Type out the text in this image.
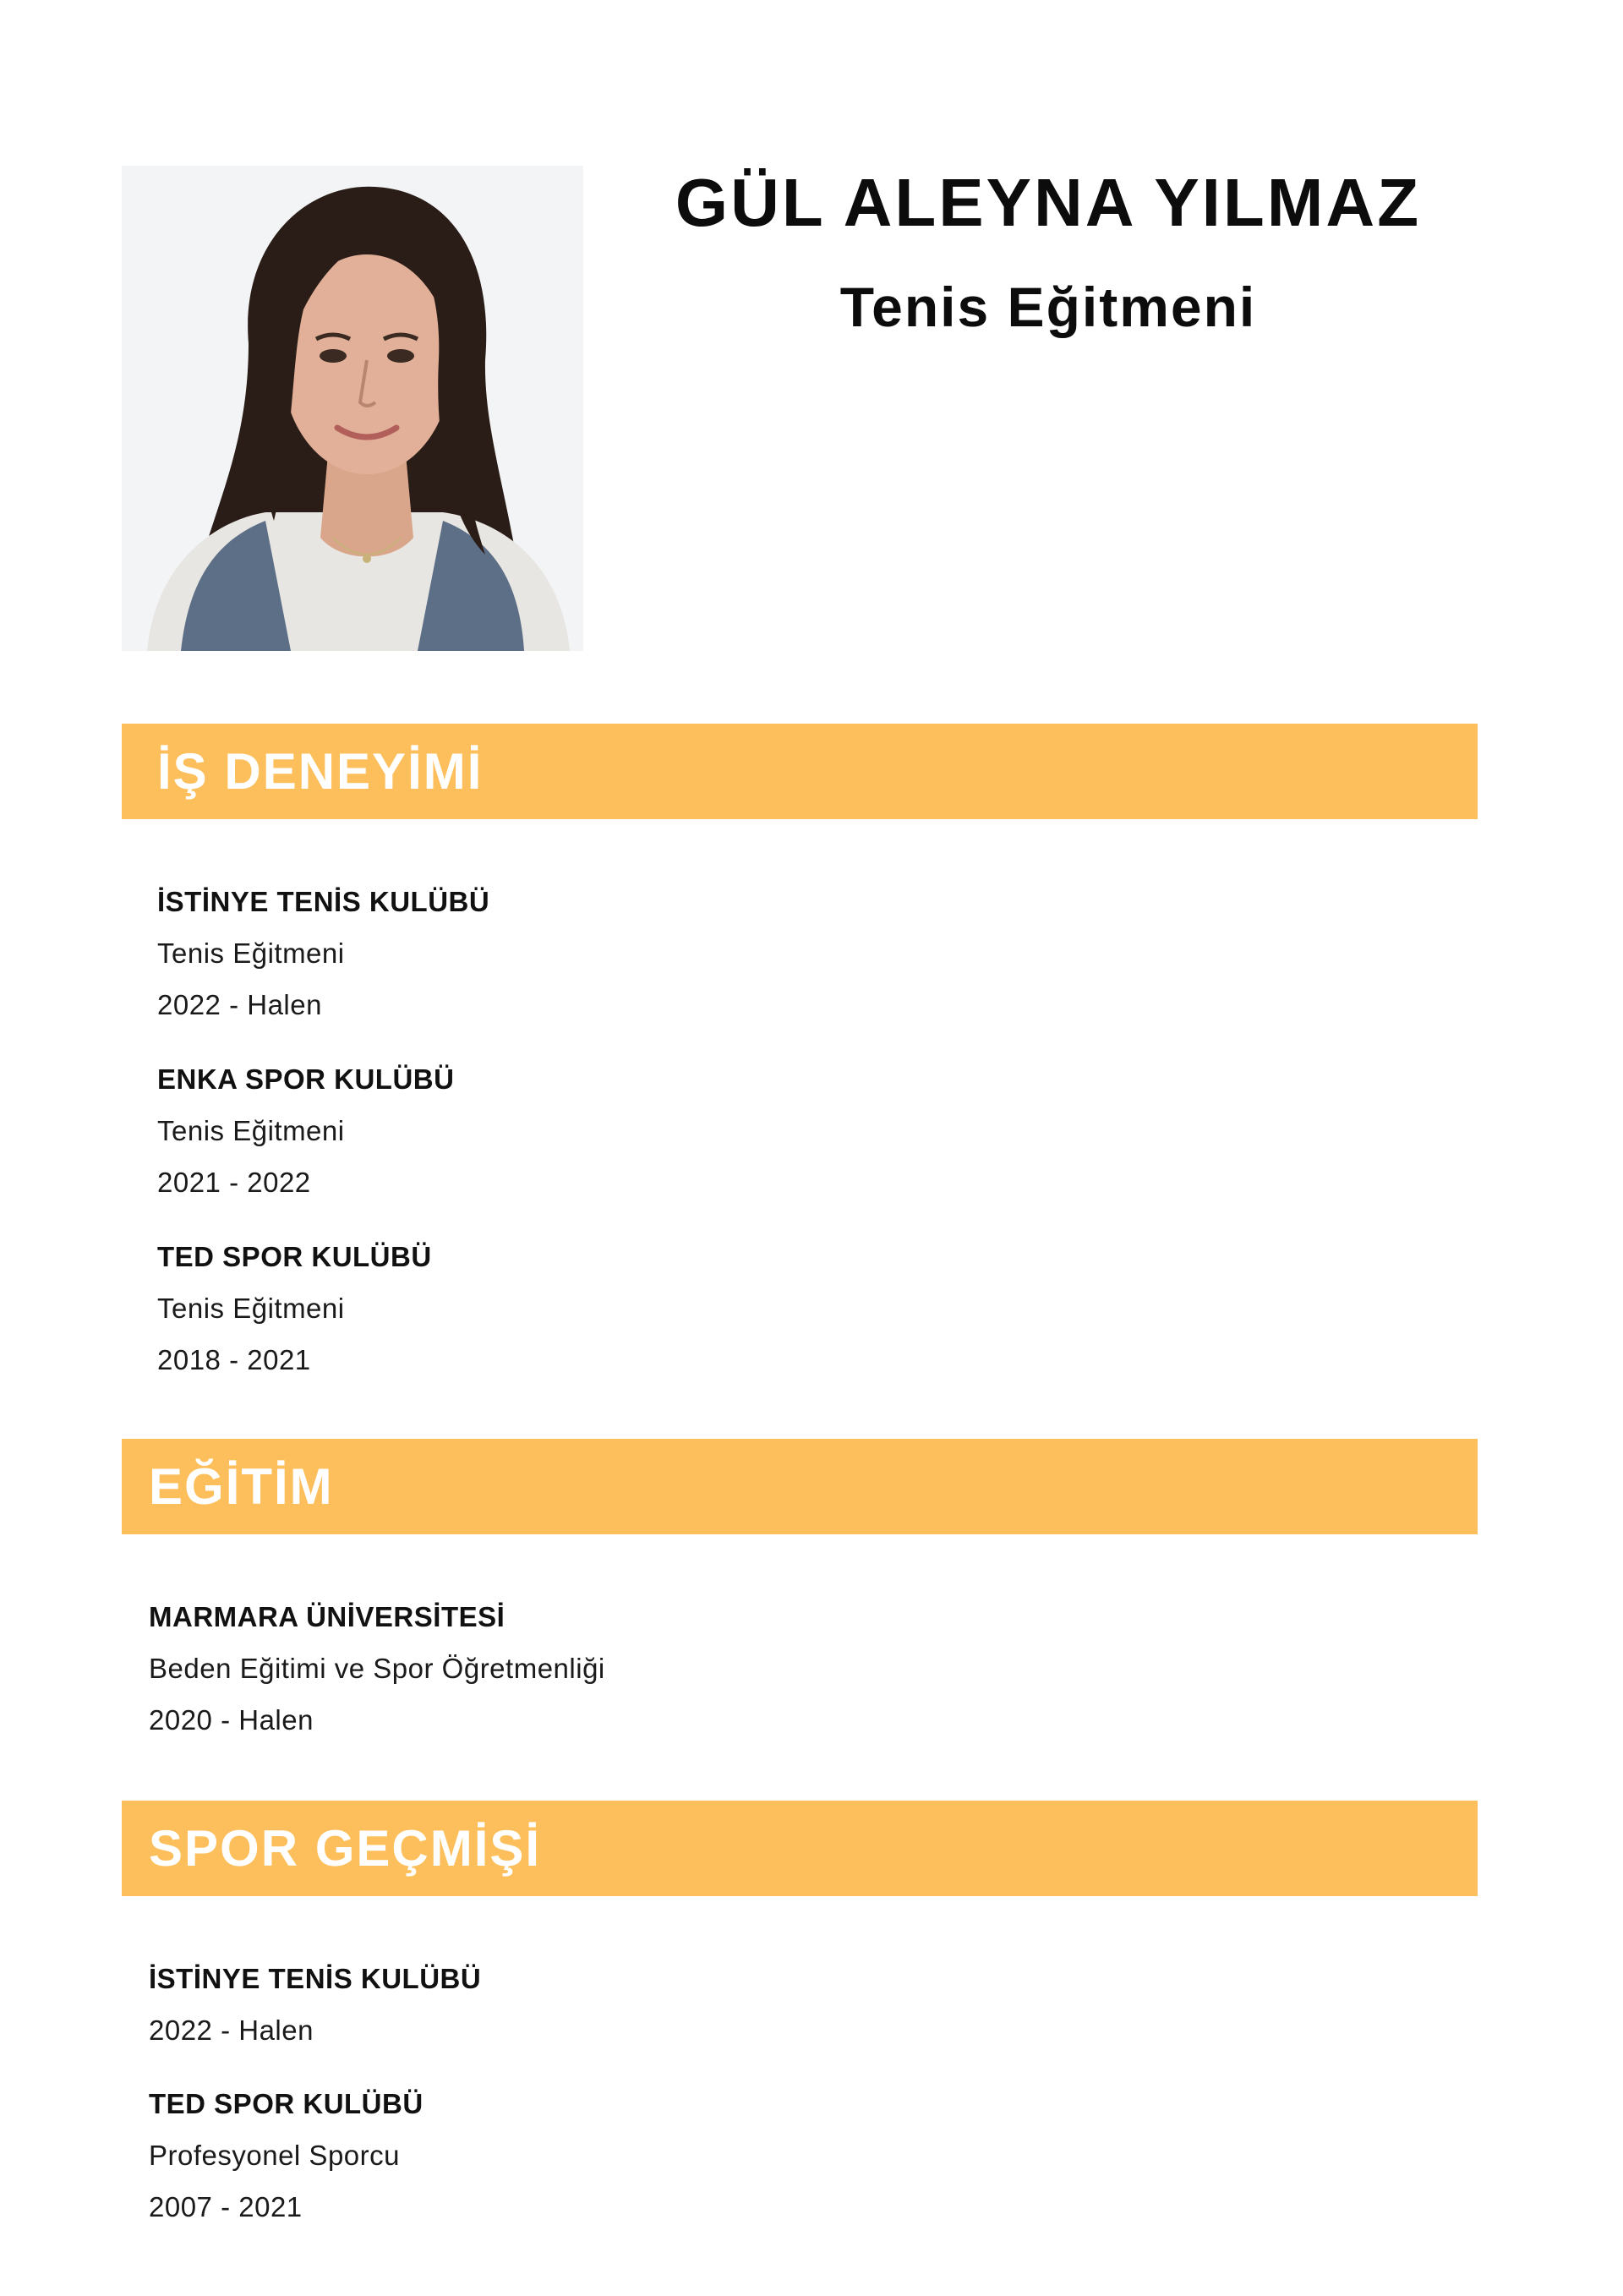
GÜL ALEYNA YILMAZ
Tenis Eğitmeni
İŞ DENEYİMİ
İSTİNYE TENİS KULÜBÜ
Tenis Eğitmeni
2022 - Halen
ENKA SPOR KULÜBÜ
Tenis Eğitmeni
2021 - 2022
TED SPOR KULÜBÜ
Tenis Eğitmeni
2018 - 2021
EĞİTİM
MARMARA ÜNİVERSİTESİ
Beden Eğitimi ve Spor Öğretmenliği
2020 - Halen
SPOR GEÇMİŞİ
İSTİNYE TENİS KULÜBÜ
2022 - Halen
TED SPOR KULÜBÜ
Profesyonel Sporcu
2007 - 2021
